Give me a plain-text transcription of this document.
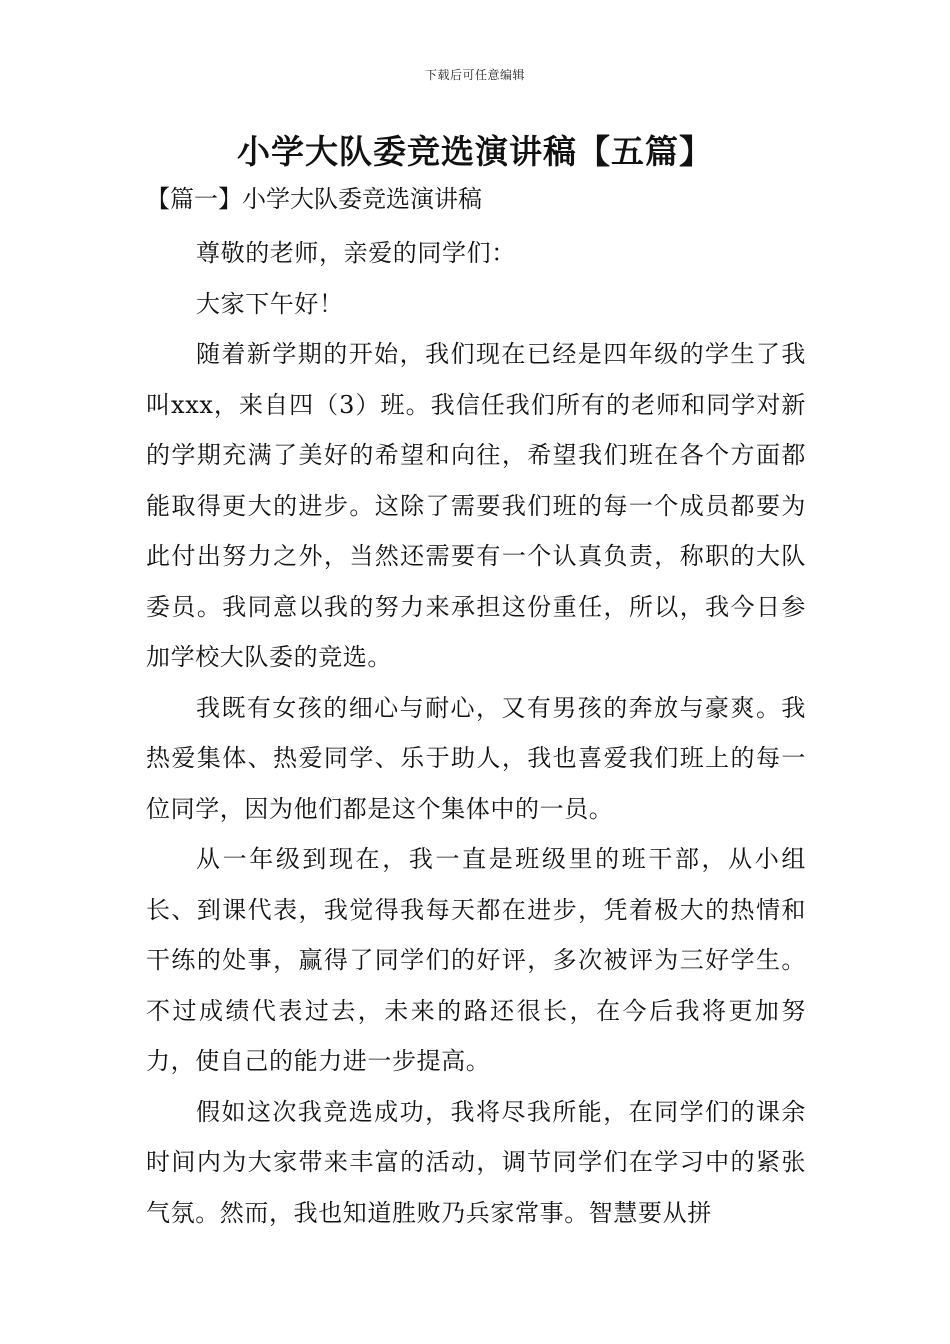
下载后可任意编辑
小学大队委竞选演讲稿【五篇】
【篇一】小学大队委竞选演讲稿

尊敬的老师，亲爱的同学们：

大家下午好！

随着新学期的开始，我们现在已经是四年级的学生了我叫xxx，来自四（3）班。我信任我们所有的老师和同学对新的学期充满了美好的希望和向往，希望我们班在各个方面都能取得更大的进步。这除了需要我们班的每一个成员都要为此付出努力之外，当然还需要有一个认真负责，称职的大队委员。我同意以我的努力来承担这份重任，所以，我今日参加学校大队委的竞选。

我既有女孩的细心与耐心，又有男孩的奔放与豪爽。我热爱集体、热爱同学、乐于助人，我也喜爱我们班上的每一位同学，因为他们都是这个集体中的一员。

从一年级到现在，我一直是班级里的班干部，从小组长、到课代表，我觉得我每天都在进步，凭着极大的热情和干练的处事，赢得了同学们的好评，多次被评为三好学生。不过成绩代表过去，未来的路还很长，在今后我将更加努力，使自己的能力进一步提高。

假如这次我竞选成功，我将尽我所能，在同学们的课余时间内为大家带来丰富的活动，调节同学们在学习中的紧张气氛。然而，我也知道胜败乃兵家常事。智慧要从拼
